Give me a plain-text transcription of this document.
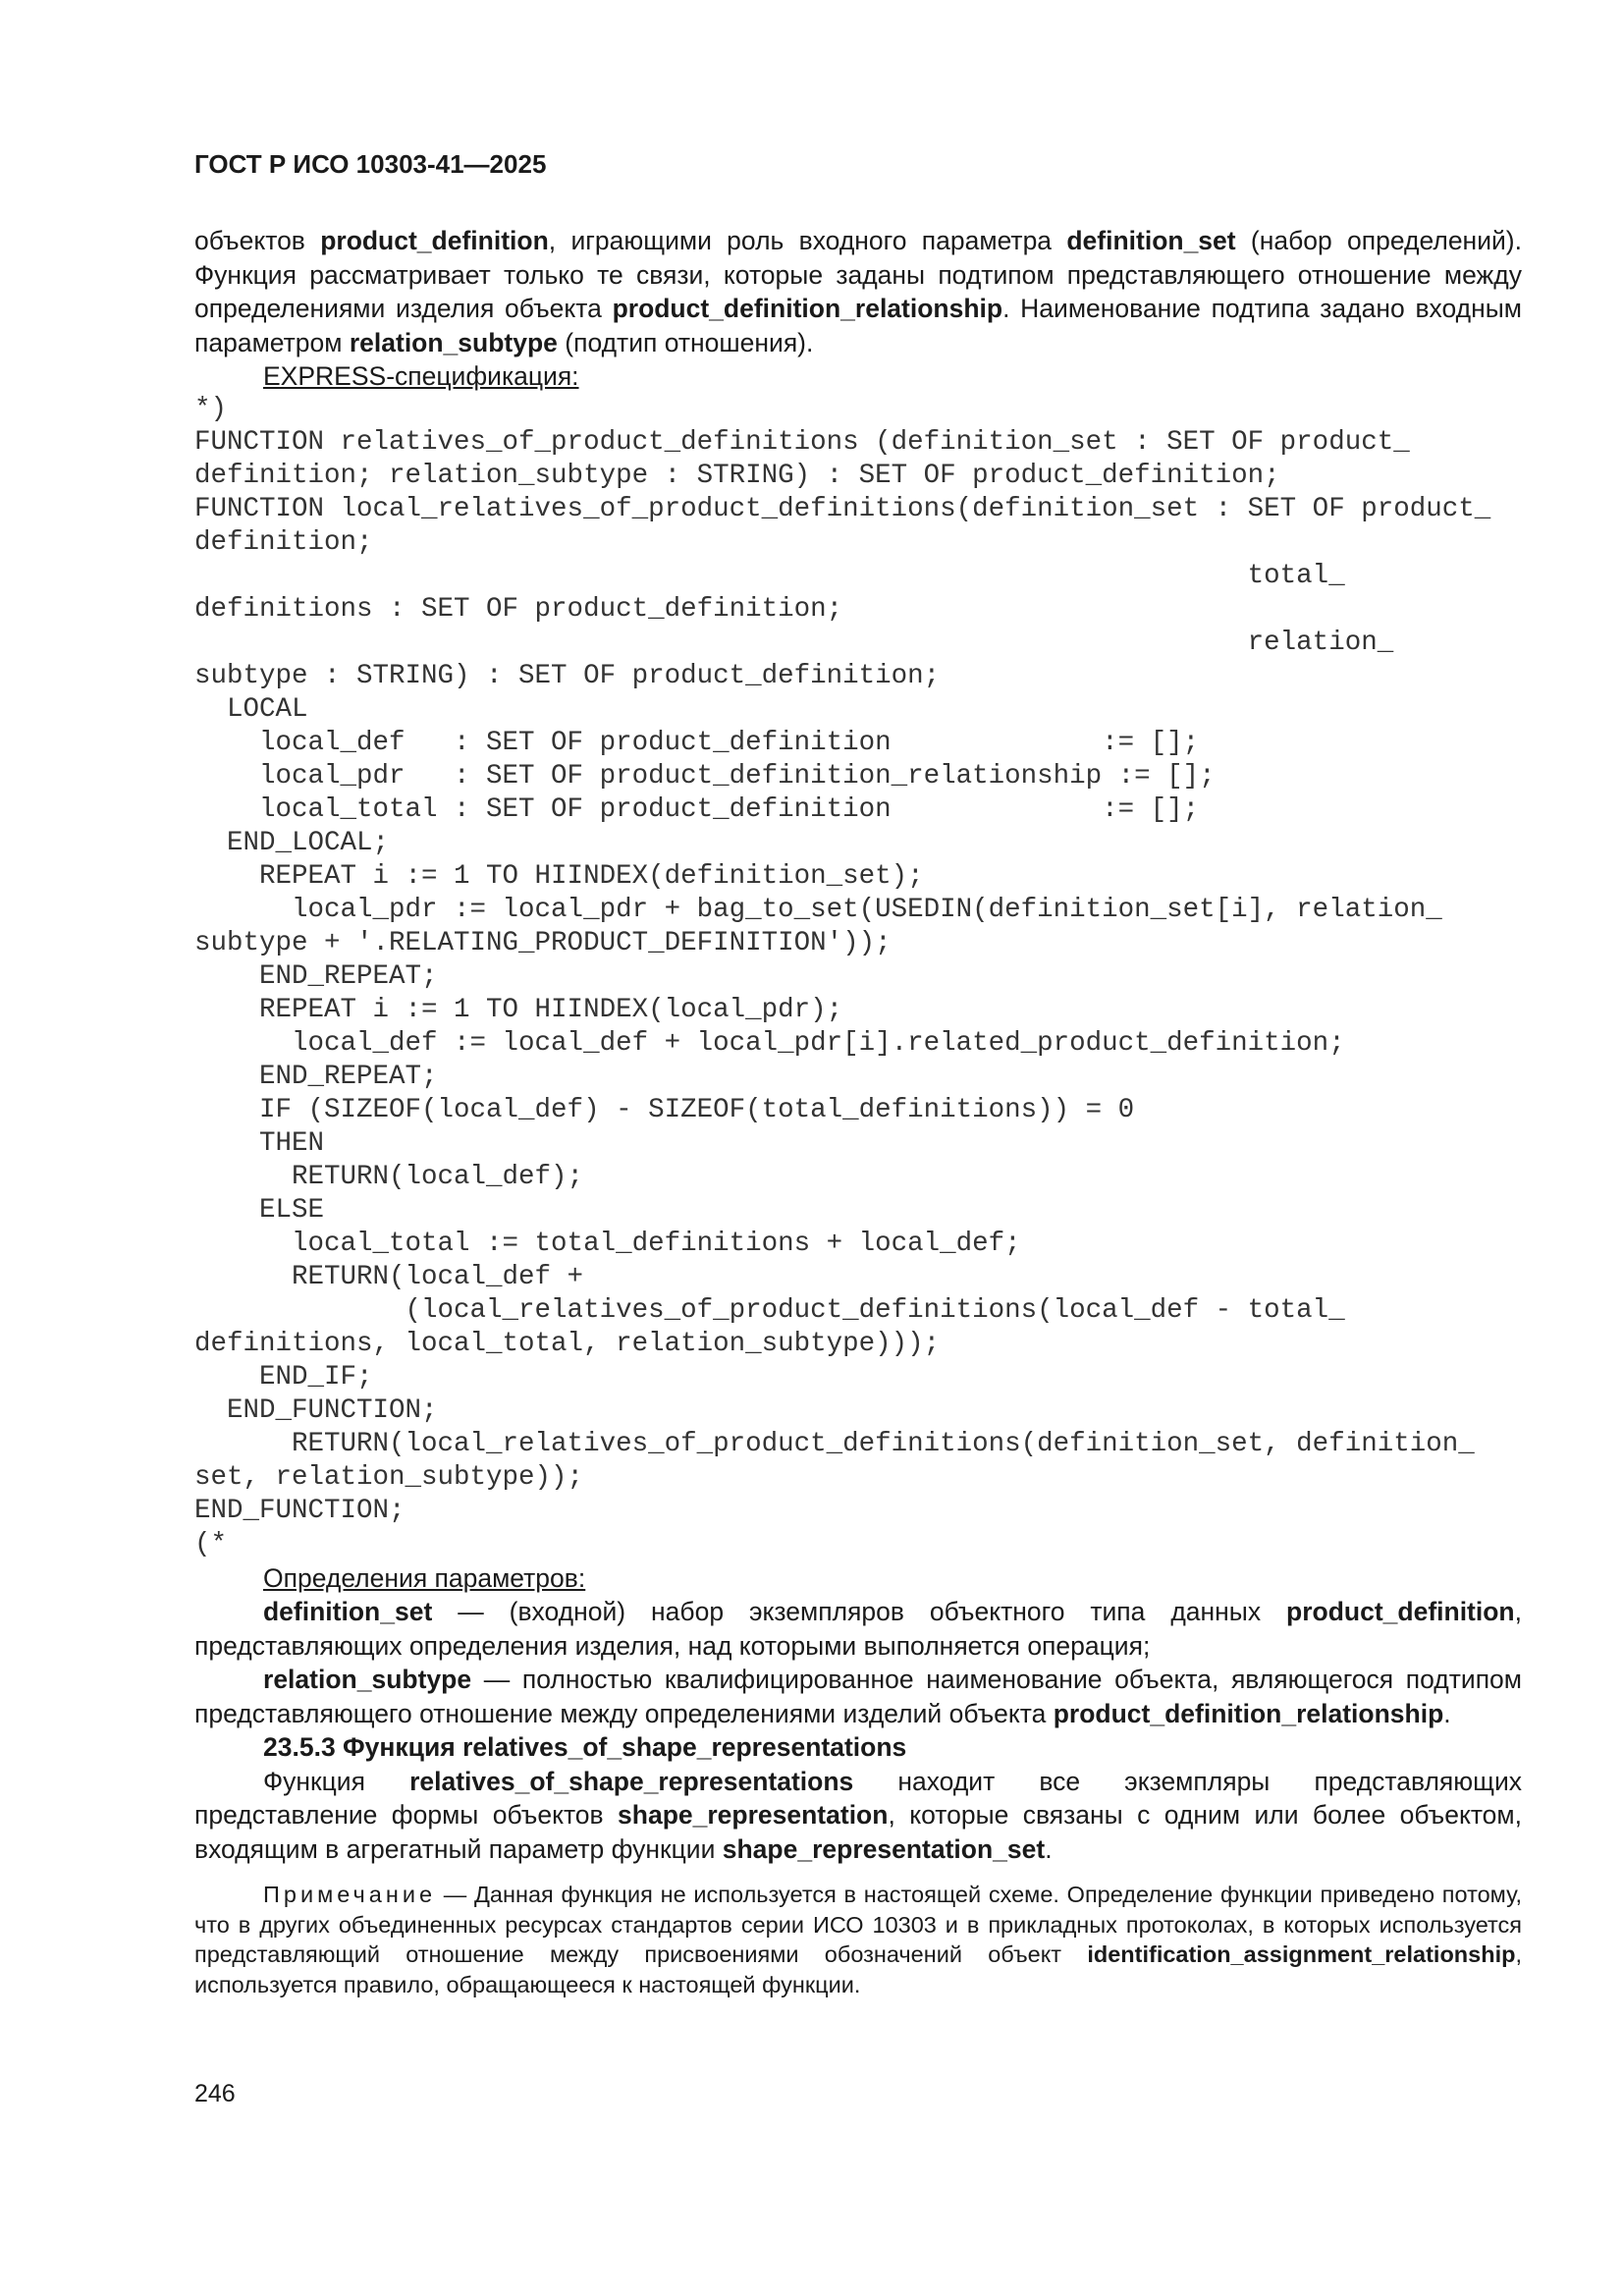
ГОСТ Р ИСО 10303-41—2025

объектов product_definition, играющими роль входного параметра definition_set (набор определений). Функция рассматривает только те связи, которые заданы подтипом представляющего отношение между определениями изделия объекта product_definition_relationship. Наименование подтипа задано входным параметром relation_subtype (подтип отношения).

EXPRESS-спецификация:

*)
FUNCTION relatives_of_product_definitions (definition_set : SET OF product_
definition; relation_subtype : STRING) : SET OF product_definition;
FUNCTION local_relatives_of_product_definitions(definition_set : SET OF product_
definition;
total_
definitions : SET OF product_definition;
relation_
subtype : STRING) : SET OF product_definition;
LOCAL
local_def   : SET OF product_definition             := [];
local_pdr   : SET OF product_definition_relationship := [];
local_total : SET OF product_definition             := [];
END_LOCAL;
REPEAT i := 1 TO HIINDEX(definition_set);
local_pdr := local_pdr + bag_to_set(USEDIN(definition_set[i], relation_
subtype + '.RELATING_PRODUCT_DEFINITION'));
END_REPEAT;
REPEAT i := 1 TO HIINDEX(local_pdr);
local_def := local_def + local_pdr[i].related_product_definition;
END_REPEAT;
IF (SIZEOF(local_def) - SIZEOF(total_definitions)) = 0
THEN
RETURN(local_def);
ELSE
local_total := total_definitions + local_def;
RETURN(local_def +
(local_relatives_of_product_definitions(local_def - total_
definitions, local_total, relation_subtype)));
END_IF;
END_FUNCTION;
RETURN(local_relatives_of_product_definitions(definition_set, definition_
set, relation_subtype));
END_FUNCTION;
(*

Определения параметров:

definition_set — (входной) набор экземпляров объектного типа данных product_definition, представляющих определения изделия, над которыми выполняется операция;

relation_subtype — полностью квалифицированное наименование объекта, являющегося подтипом представляющего отношение между определениями изделий объекта product_definition_relationship.

23.5.3 Функция relatives_of_shape_representations

Функция relatives_of_shape_representations находит все экземпляры представляющих представление формы объектов shape_representation, которые связаны с одним или более объектом, входящим в агрегатный параметр функции shape_representation_set.

Примечание — Данная функция не используется в настоящей схеме. Определение функции приведено потому, что в других объединенных ресурсах стандартов серии ИСО 10303 и в прикладных протоколах, в которых используется представляющий отношение между присвоениями обозначений объект identification_assignment_relationship, используется правило, обращающееся к настоящей функции.

246
